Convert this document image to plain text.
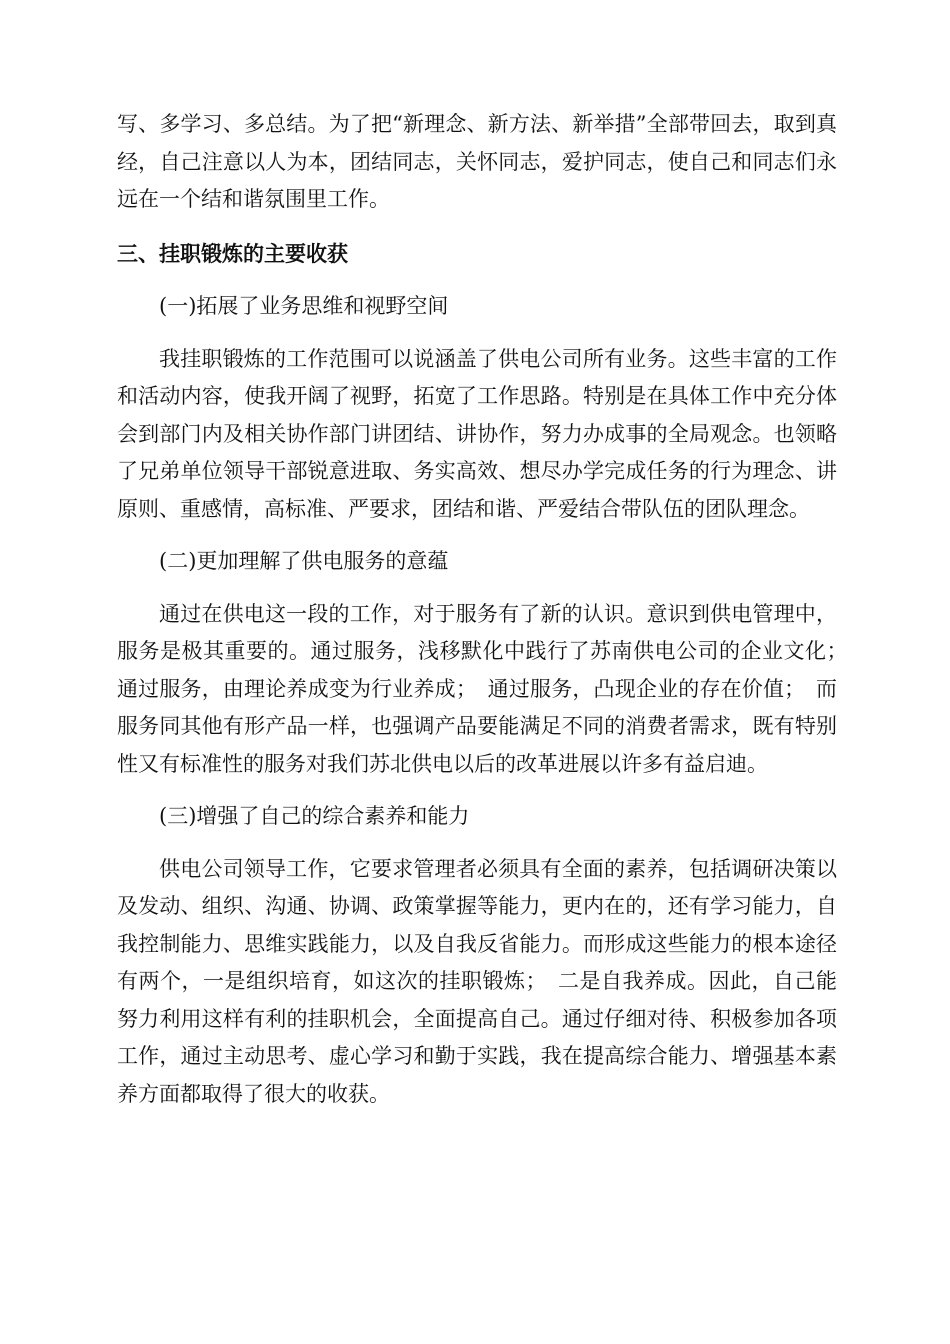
写、多学习、多总结。为了把“新理念、新方法、新举措”全部带回去，取到真经，自己注意以人为本，团结同志，关怀同志，爱护同志，使自己和同志们永远在一个结和谐氛围里工作。

三、挂职锻炼的主要收获

(一)拓展了业务思维和视野空间

我挂职锻炼的工作范围可以说涵盖了供电公司所有业务。这些丰富的工作和活动内容，使我开阔了视野，拓宽了工作思路。特别是在具体工作中充分体会到部门内及相关协作部门讲团结、讲协作，努力办成事的全局观念。也领略了兄弟单位领导干部锐意进取、务实高效、想尽办学完成任务的行为理念、讲原则、重感情，高标准、严要求，团结和谐、严爱结合带队伍的团队理念。

(二)更加理解了供电服务的意蕴

通过在供电这一段的工作，对于服务有了新的认识。意识到供电管理中，服务是极其重要的。通过服务，浅移默化中践行了苏南供电公司的企业文化；　通过服务，由理论养成变为行业养成；　通过服务，凸现企业的存在价值；　而服务同其他有形产品一样，也强调产品要能满足不同的消费者需求，既有特别性又有标准性的服务对我们苏北供电以后的改革进展以许多有益启迪。

(三)增强了自己的综合素养和能力

供电公司领导工作，它要求管理者必须具有全面的素养，包括调研决策以及发动、组织、沟通、协调、政策掌握等能力，更内在的，还有学习能力，自我控制能力、思维实践能力，以及自我反省能力。而形成这些能力的根本途径有两个，一是组织培育，如这次的挂职锻炼；　二是自我养成。因此，自己能努力利用这样有利的挂职机会，全面提高自己。通过仔细对待、积极参加各项工作，通过主动思考、虚心学习和勤于实践，我在提高综合能力、增强基本素养方面都取得了很大的收获。
